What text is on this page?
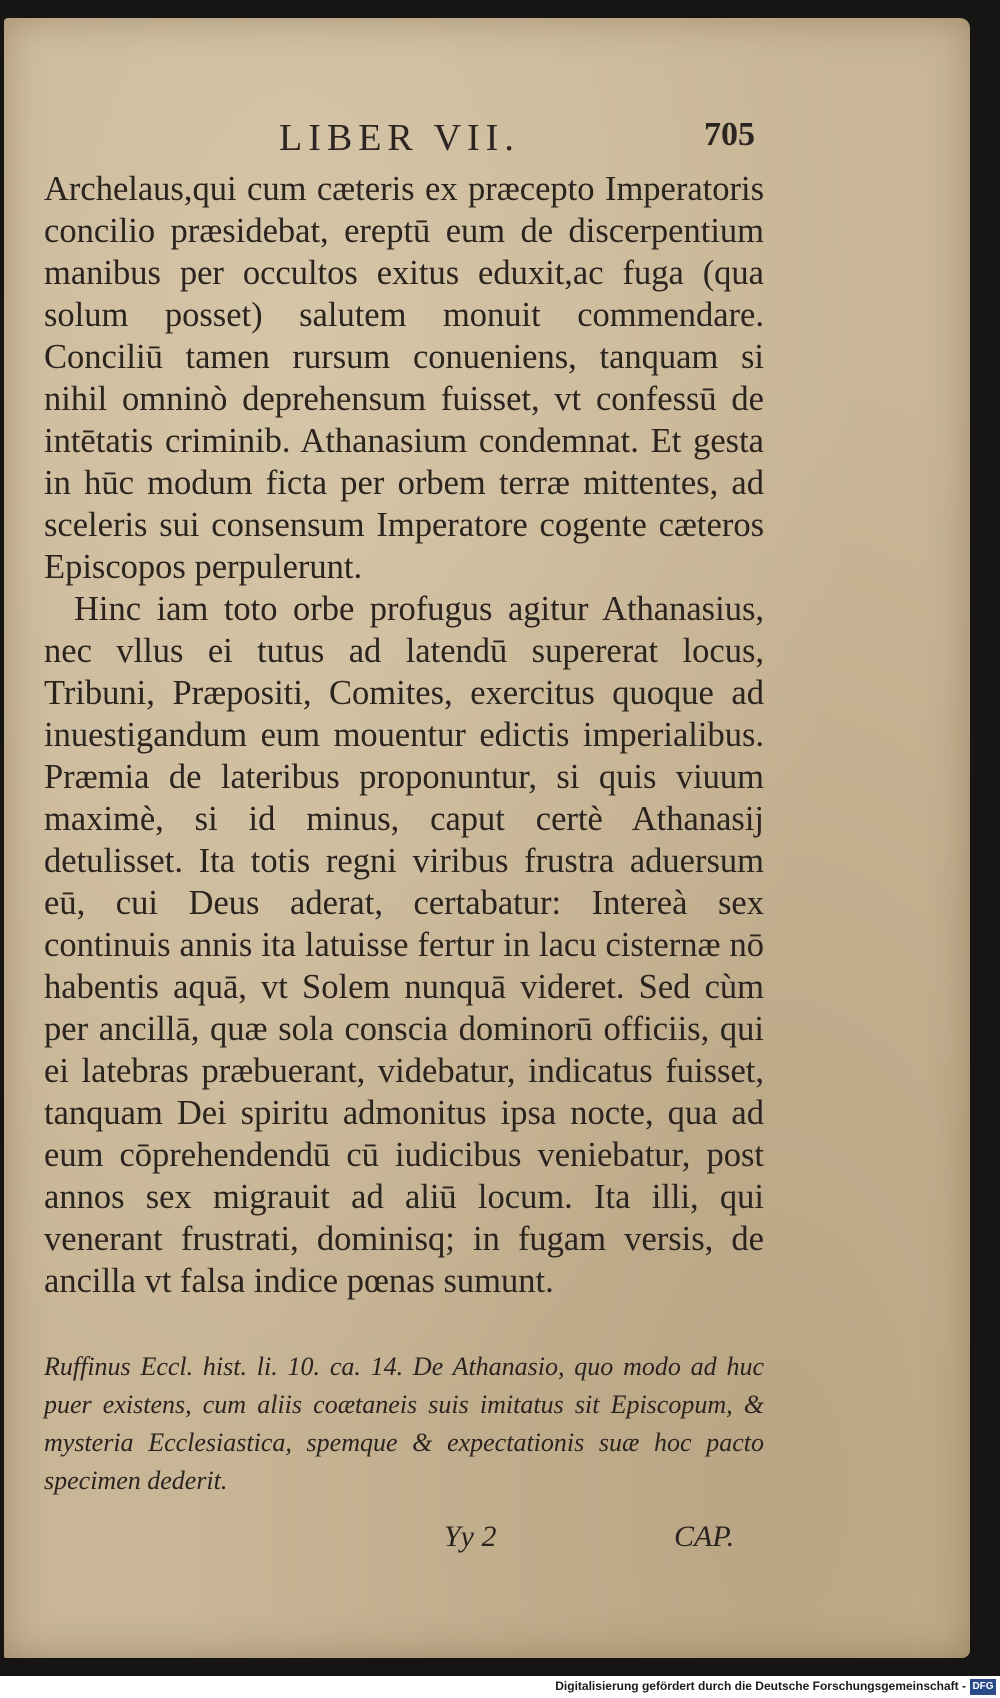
LIBER VII.	705

Archelaus,qui cum cæteris ex præcepto Imperatoris concilio præsidebat, ereptū eum de discerpentium manibus per occultos exitus eduxit,ac fuga (qua solum posset) salutem monuit commendare. Conciliū tamen rursum conueniens, tanquam si nihil omninò deprehensum fuisset, vt confessū de intētatis criminib. Athanasium condemnat. Et gesta in hūc modum ficta per orbem terræ mittentes, ad sceleris sui consensum Imperatore cogente cæteros Episcopos perpulerunt.

Hinc iam toto orbe profugus agitur Athanasius, nec vllus ei tutus ad latendū supererat locus, Tribuni, Præpositi, Comites, exercitus quoque ad inuestigandum eum mouentur edictis imperialibus. Præmia de lateribus proponuntur, si quis viuum maximè, si id minus, caput certè Athanasij detulisset. Ita totis regni viribus frustra aduersum eū, cui Deus aderat, certabatur: Intereà sex continuis annis ita latuisse fertur in lacu cisternæ nō habentis aquā, vt Solem nunquā videret. Sed cùm per ancillā, quæ sola conscia dominorū officiis, qui ei latebras præbuerant, videbatur, indicatus fuisset, tanquam Dei spiritu admonitus ipsa nocte, qua ad eum cōprehendendū cū iudicibus veniebatur, post annos sex migrauit ad aliū locum. Ita illi, qui venerant frustrati, dominisq; in fugam versis, de ancilla vt falsa indice pœnas sumunt.

Ruffinus Eccl. hist. li. 10. ca. 14. De Athanasio, quo modo ad huc puer existens, cum aliis coætaneis suis imitatus sit Episcopum, & mysteria Ecclesiastica, spemque & expectationis suæ hoc pacto specimen dederit.
Yy 2	CAP.
Digitalisierung gefördert durch die Deutsche Forschungsgemeinschaft - DFG
